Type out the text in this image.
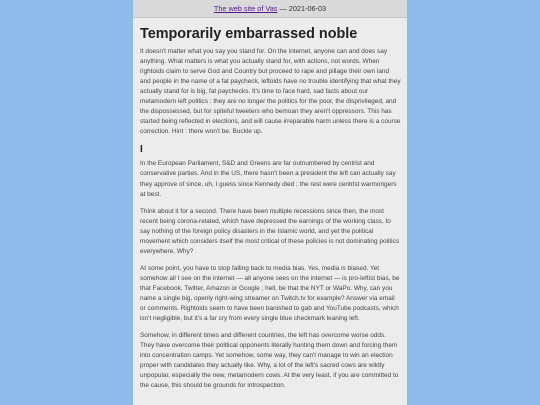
The web site of Vas — 2021-06-03
Temporarily embarrassed noble

It doesn't matter what you say you stand for. On the internet, anyone can and does say anything. What matters is what you actually stand for, with actions, not words. When rightoids claim to serve God and Country but proceed to rape and pillage their own land and people in the name of a fat paycheck, leftoids have no trouble identifying that what they actually stand for is big, fat paychecks. It's time to face hard, sad facts about our metamodern left politics : they are no longer the politics for the poor, the disprivileged, and the dispossessed, but for spiteful tweeters who bemoan they aren't oppressors. This has started being reflected in elections, and will cause irreparable harm unless there is a course correction. Hint : there won't be. Buckle up.

I

In the European Parliament, S&D and Greens are far outnumbered by centrist and conservative parties. And in the US, there hasn't been a president the left can actually say they approve of since, uh, I guess since Kennedy died ; the rest were centrist warmongers at best.

Think about it for a second. There have been multiple recessions since then, the most recent being corona-related, which have depressed the earnings of the working class, to say nothing of the foreign policy disasters in the Islamic world, and yet the political movement which considers itself the most critical of these policies is not dominating politics everywhere. Why?

At some point, you have to stop falling back to media bias. Yes, media is biased. Yet somehow all I see on the internet — all anyone sees on the internet — is pro-leftist bias, be that Facebook, Twitter, Amazon or Google ; hell, be that the NYT or WaPo. Why, can you name a single big, openly right-wing streamer on Twitch.tv for example? Answer via email or comments. Rightoids seem to have been banished to gab and YouTube podcasts, which isn't negligible, but it's a far cry from every single blue checkmark leaning left.

Somehow, in different times and different countries, the left has overcome worse odds. They have overcome their political opponents literally hunting them down and forcing them into concentration camps. Yet somehow, some way, they can't manage to win an election proper with candidates they actually like. Why, a lot of the left's sacred cows are wildly unpopular, especially the new, metamodern cows. At the very least, if you are committed to the cause, this should be grounds for introspection.
